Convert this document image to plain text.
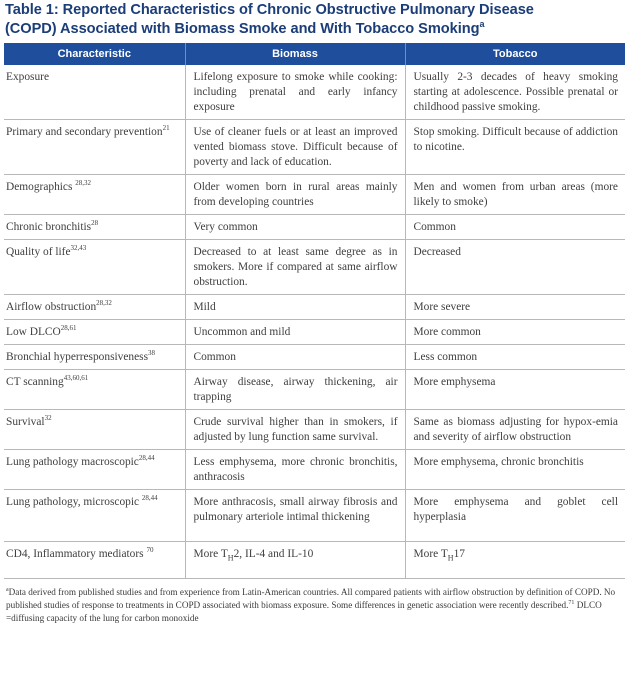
Table 1: Reported Characteristics of Chronic Obstructive Pulmonary Disease
(COPD) Associated with Biomass Smoke and With Tobacco Smoking$^a$
Characteristic	Biomass	Tobacco
Exposure	Lifelong exposure to smoke while cooking: including prenatal and early infancy exposure	Usually 2-3 decades of heavy smoking starting at adolescence. Possible prenatal or childhood passive smoking.
Primary and secondary prevention$^{21}$	Use of cleaner fuels or at least an improved vented biomass stove. Difficult because of poverty and lack of education.	Stop smoking. Difficult because of addiction to nicotine.
Demographics $^{28,32}$	Older women born in rural areas mainly from developing countries	Men and women from urban areas (more likely to smoke)
Chronic bronchitis$^{28}$	Very common	Common
Quality of life$^{32,43}$	Decreased to at least same degree as in smokers. More if compared at same airflow obstruction.	Decreased
Airflow obstruction$^{28,32}$	Mild	More severe
Low DLCO$^{28,61}$	Uncommon and mild	More common
Bronchial hyperresponsiveness$^{38}$	Common	Less common
CT scanning$^{43,60,61}$	Airway disease, airway thickening, air trapping	More emphysema
Survival$^{32}$	Crude survival higher than in smokers, if adjusted by lung function same survival.	Same as biomass adjusting for hypox-emia and severity of airflow obstruction
Lung pathology macroscopic$^{28,44}$	Less emphysema, more chronic bronchitis, anthracosis	More emphysema, chronic bronchitis
Lung pathology, microscopic $^{28,44}$	More anthracosis, small airway fibrosis and pulmonary arteriole intimal thickening	More emphysema and goblet cell hyperplasia
CD4, Inflammatory mediators $^{70}$	More $T_H2$, IL-4 and IL-10	More $T_H17$
$^a$Data derived from published studies and from experience from Latin-American countries. All compared patients with airflow obstruction by definition of COPD. No published studies of response to treatments in COPD associated with biomass exposure. Some differences in genetic association were recently described.$^{71}$ DLCO =diffusing capacity of the lung for carbon monoxide
